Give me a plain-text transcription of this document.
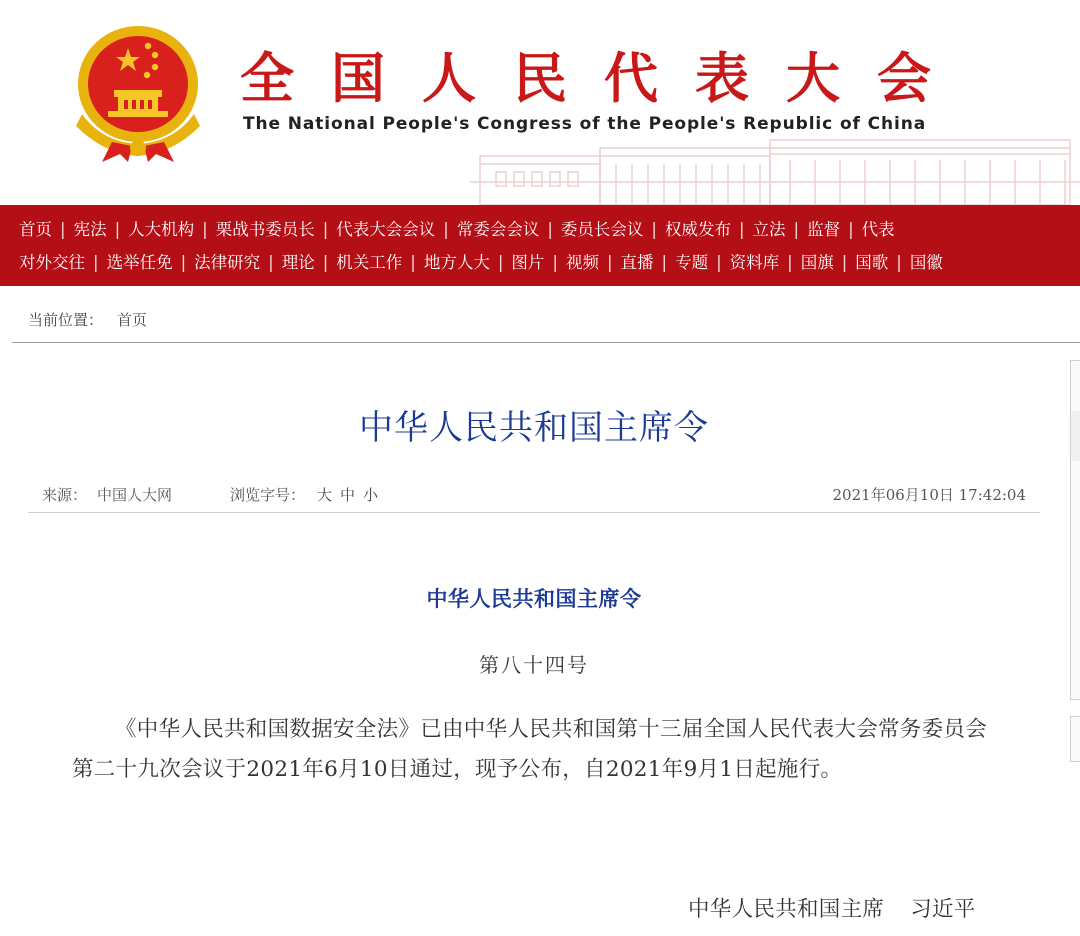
全国人民代表大会
The National People's Congress of the People's Republic of China
首页 | 宪法 | 人大机构 | 栗战书委员长 | 代表大会会议 | 常委会会议 | 委员长会议 | 权威发布 | 立法 | 监督 | 代表
对外交往 | 选举任免 | 法律研究 | 理论 | 机关工作 | 地方人大 | 图片 | 视频 | 直播 | 专题 | 资料库 | 国旗 | 国歌 | 国徽
当前位置： 首页
中华人民共和国主席令
来源： 中国人大网	浏览字号： 大 中 小	2021年06月10日 17:42:04
中华人民共和国主席令
第八十四号

《中华人民共和国数据安全法》已由中华人民共和国第十三届全国人民代表大会常务委员会第二十九次会议于2021年6月10日通过，现予公布，自2021年9月1日起施行。

中华人民共和国主席 习近平
